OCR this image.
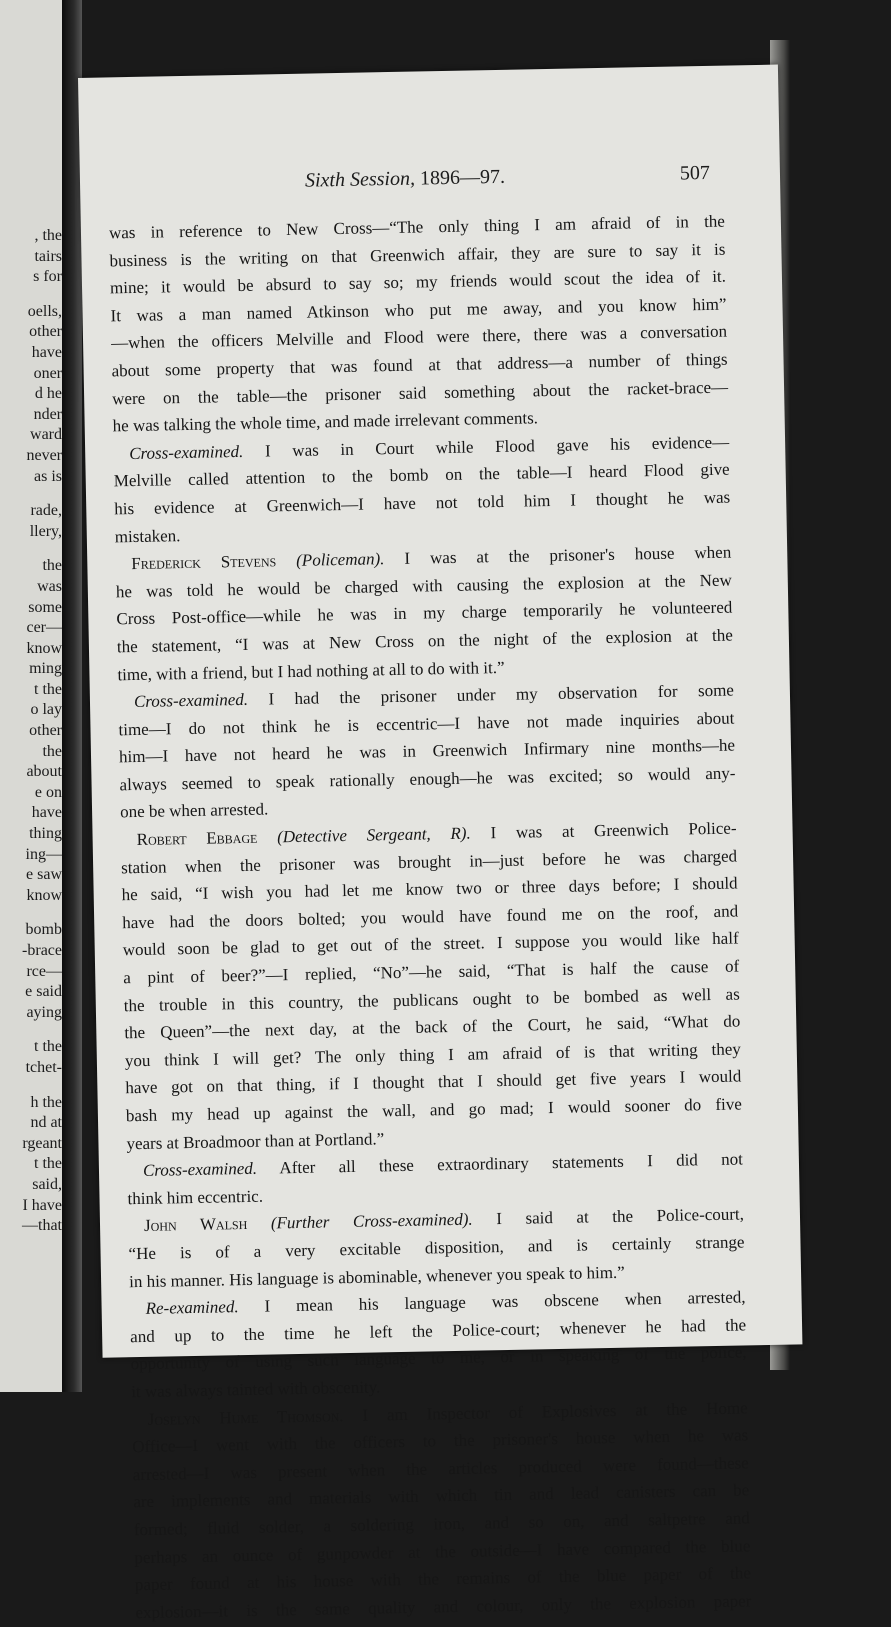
, the
tairs
s for
oells,
other
have
oner
d he
nder
ward
never
as is
rade,
llery,
the
was
some
cer—
know
ming
t the
o lay
other
the
about
e on
have
thing
ing—
e saw
know
bomb
-brace
rce—
e said
aying
t the
tchet-
h the
nd at
rgeant
t the
said,
I have
—that
Sixth Session, 1896—97.	507
was in reference to New Cross—“The only thing I am afraid of in the
business is the writing on that Greenwich affair, they are sure to say it is
mine; it would be absurd to say so; my friends would scout the idea of it.
It was a man named Atkinson who put me away, and you know him”
—when the officers Melville and Flood were there, there was a conversation
about some property that was found at that address—a number of things
were on the table—the prisoner said something about the racket-brace—
he was talking the whole time, and made irrelevant comments.
Cross-examined. I was in Court while Flood gave his evidence—
Melville called attention to the bomb on the table—I heard Flood give
his evidence at Greenwich—I have not told him I thought he was
mistaken.
Frederick Stevens (Policeman). I was at the prisoner's house when
he was told he would be charged with causing the explosion at the New
Cross Post-office—while he was in my charge temporarily he volunteered
the statement, “I was at New Cross on the night of the explosion at the
time, with a friend, but I had nothing at all to do with it.”
Cross-examined. I had the prisoner under my observation for some
time—I do not think he is eccentric—I have not made inquiries about
him—I have not heard he was in Greenwich Infirmary nine months—he
always seemed to speak rationally enough—he was excited; so would any-
one be when arrested.
Robert Ebbage (Detective Sergeant, R). I was at Greenwich Police-
station when the prisoner was brought in—just before he was charged
he said, “I wish you had let me know two or three days before; I should
have had the doors bolted; you would have found me on the roof, and
would soon be glad to get out of the street. I suppose you would like half
a pint of beer?”—I replied, “No”—he said, “That is half the cause of
the trouble in this country, the publicans ought to be bombed as well as
the Queen”—the next day, at the back of the Court, he said, “What do
you think I will get? The only thing I am afraid of is that writing they
have got on that thing, if I thought that I should get five years I would
bash my head up against the wall, and go mad; I would sooner do five
years at Broadmoor than at Portland.”
Cross-examined. After all these extraordinary statements I did not
think him eccentric.
John Walsh (Further Cross-examined). I said at the Police-court,
“He is of a very excitable disposition, and is certainly strange
in his manner. His language is abominable, whenever you speak to him.”
Re-examined. I mean his language was obscene when arrested,
and up to the time he left the Police-court; whenever he had the
opportunity of using such language to me, or in speaking of the police,
it was always tainted with obscenity.
Joselyn Hume Thomson. I am Inspector of Explosives at the Home
Office—I went with the officers to the prisoner's house when he was
arrested—I was present when the articles produced were found—these
are implements and materials with which tin and lead canisters can be
formed; fluid solder, a soldering iron, and so on, and saltpetre and
perhaps an ounce of gunpowder at the outside—I have compared the blue
paper found at his house with the remains of the blue paper of the
explosion—it is the same quality and colour, only the explosion paper
